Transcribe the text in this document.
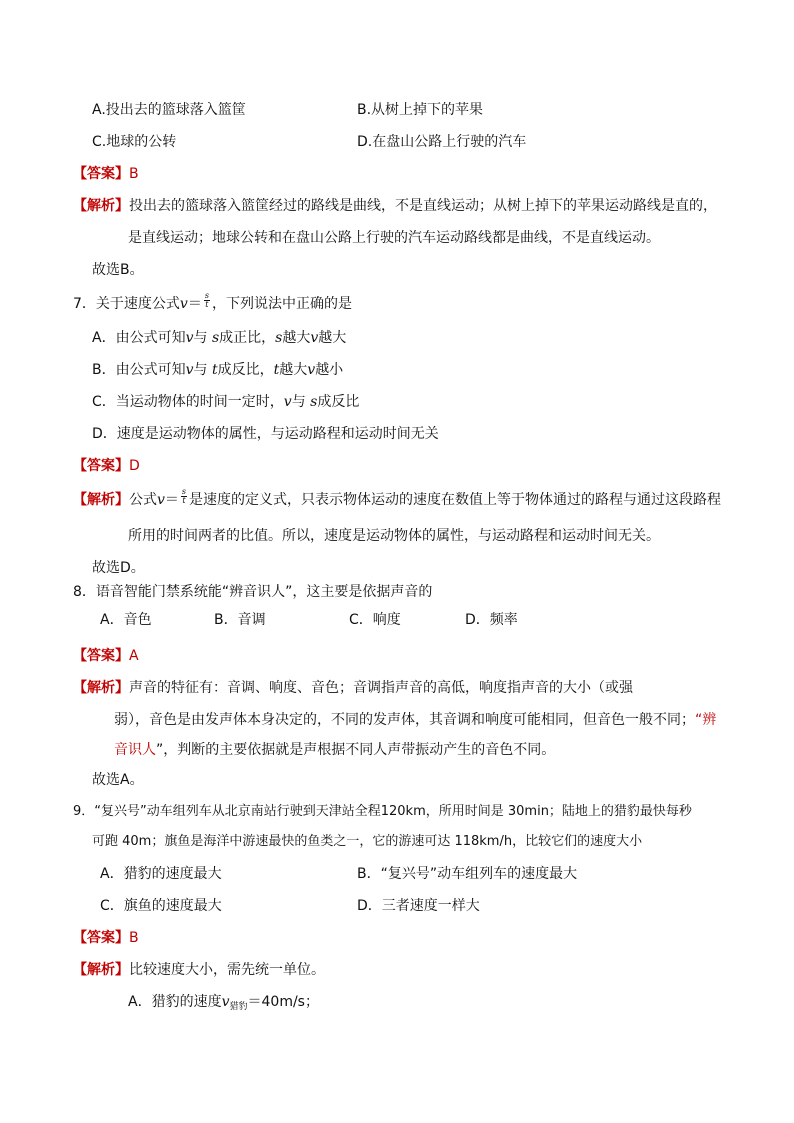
A.投出去的篮球落入篮筐	B.从树上掉下的苹果
C.地球的公转	D.在盘山公路上行驶的汽车
【答案】B
【解析】投出去的篮球落入篮筐经过的路线是曲线，不是直线运动；从树上掉下的苹果运动路线是直的，
是直线运动；地球公转和在盘山公路上行驶的汽车运动路线都是曲线，不是直线运动。
故选B。
7．关于速度公式$v= \frac{s}{t}$ ，下列说法中正确的是
A．由公式可知v与 s成正比，s越大v越大
B．由公式可知v与 t成反比，t越大v越小
C．当运动物体的时间一定时，v与 s成反比
D．速度是运动物体的属性，与运动路程和运动时间无关
【答案】D
【解析】公式$v= \frac{s}{t}$ 是速度的定义式，只表示物体运动的速度在数值上等于物体通过的路程与通过这段路程
所用的时间两者的比值。所以，速度是运动物体的属性，与运动路程和运动时间无关。
故选D。
8．语音智能门禁系统能“辨音识人”，这主要是依据声音的
A．音色	B．音调	C．响度	D．频率
【答案】A
【解析】声音的特征有：音调、响度、音色；音调指声音的高低，响度指声音的大小（或强
弱），音色是由发声体本身决定的，不同的发声体，其音调和响度可能相同，但音色一般不同；“辨
音识人”，判断的主要依据就是声根据不同人声带振动产生的音色不同。
故选A。
9．“复兴号”动车组列车从北京南站行驶到天津站全程120km，所用时间是 30min；陆地上的猎豹最快每秒
可跑 40m；旗鱼是海洋中游速最快的鱼类之一，它的游速可达 118km/h，比较它们的速度大小
A．猎豹的速度最大	B．“复兴号”动车组列车的速度最大
C．旗鱼的速度最大	D．三者速度一样大
【答案】B
【解析】比较速度大小，需先统一单位。
A．猎豹的速度$v_{猎豹}=40m/s$；
